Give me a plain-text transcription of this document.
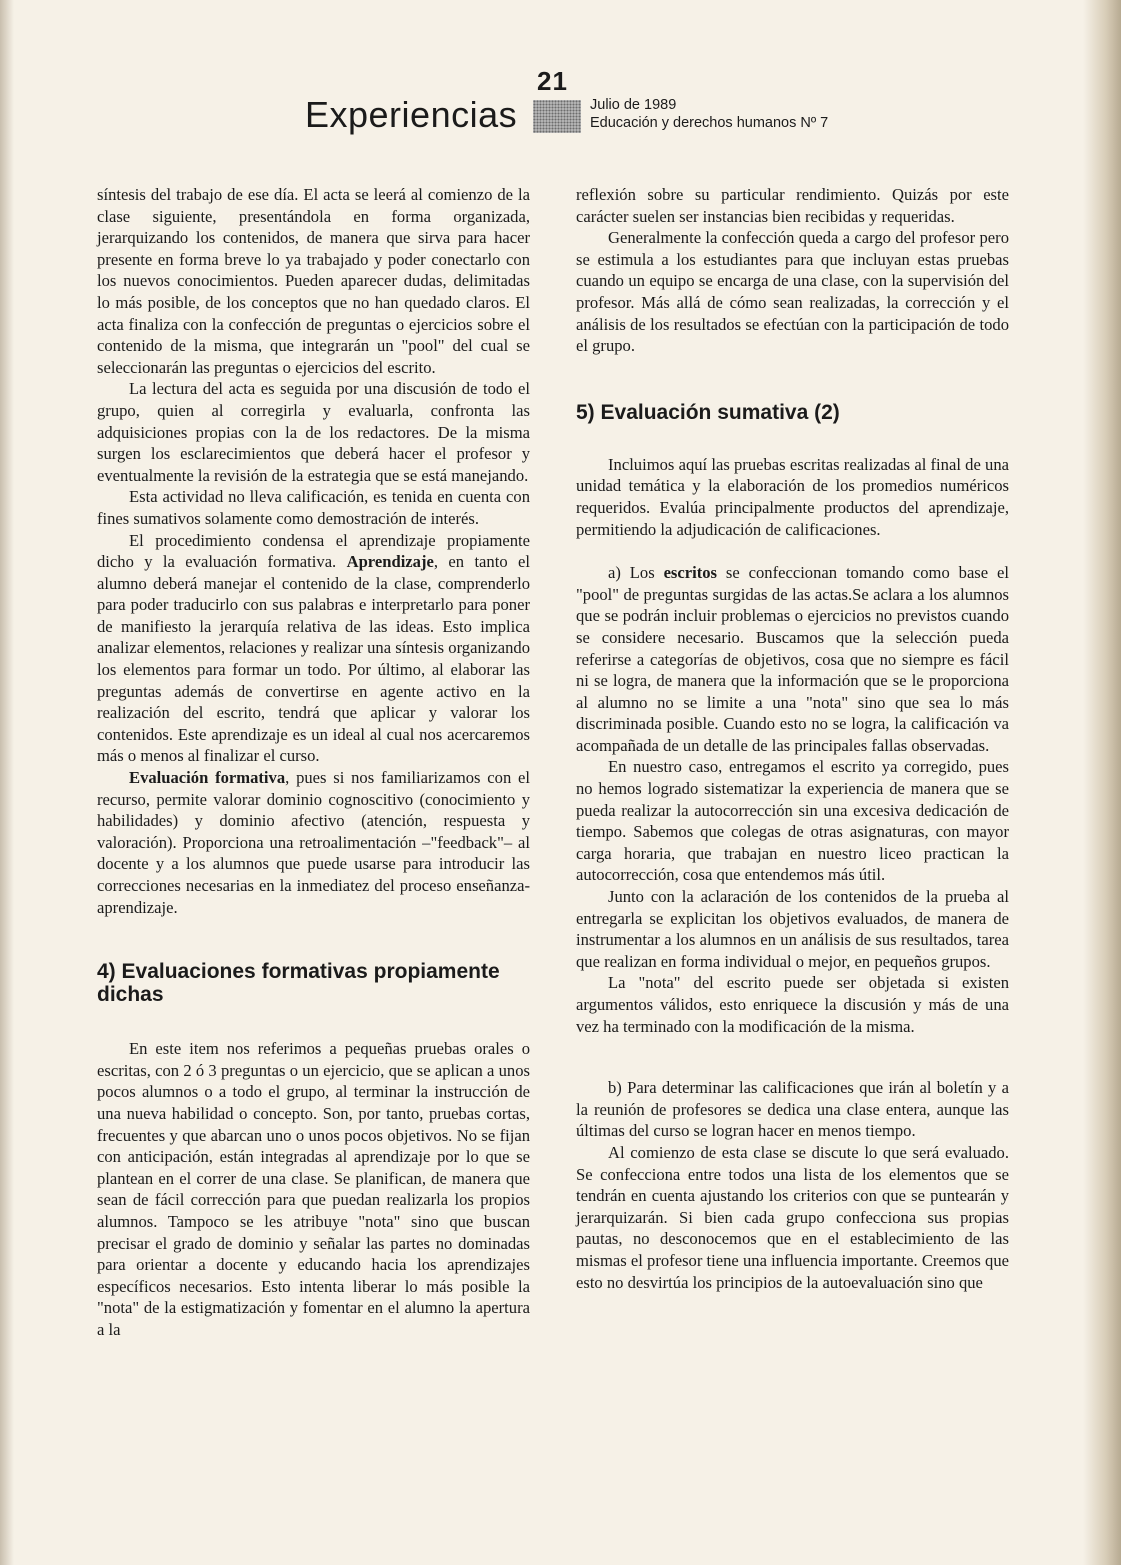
21
Experiencias	Julio de 1989
Educación y derechos humanos Nº 7

síntesis del trabajo de ese día. El acta se leerá al comienzo de la clase siguiente, presentándola en forma organizada, jerarquizando los contenidos, de manera que sirva para hacer presente en forma breve lo ya trabajado y poder conectarlo con los nuevos conocimientos. Pueden aparecer dudas, delimitadas lo más posible, de los conceptos que no han quedado claros. El acta finaliza con la confección de preguntas o ejercicios sobre el contenido de la misma, que integrarán un "pool" del cual se seleccionarán las preguntas o ejercicios del escrito.

La lectura del acta es seguida por una discusión de todo el grupo, quien al corregirla y evaluarla, confronta las adquisiciones propias con la de los redactores. De la misma surgen los esclarecimientos que deberá hacer el profesor y eventualmente la revisión de la estrategia que se está manejando.

Esta actividad no lleva calificación, es tenida en cuenta con fines sumativos solamente como demostración de interés.

El procedimiento condensa el aprendizaje propiamente dicho y la evaluación formativa. Aprendizaje, en tanto el alumno deberá manejar el contenido de la clase, comprenderlo para poder traducirlo con sus palabras e interpretarlo para poner de manifiesto la jerarquía relativa de las ideas. Esto implica analizar elementos, relaciones y realizar una síntesis organizando los elementos para formar un todo. Por último, al elaborar las preguntas además de convertirse en agente activo en la realización del escrito, tendrá que aplicar y valorar los contenidos. Este aprendizaje es un ideal al cual nos acercaremos más o menos al finalizar el curso.

Evaluación formativa, pues si nos familiarizamos con el recurso, permite valorar dominio cognoscitivo (conocimiento y habilidades) y dominio afectivo (atención, respuesta y valoración). Proporciona una retroalimentación –"feedback"– al docente y a los alumnos que puede usarse para introducir las correcciones necesarias en la inmediatez del proceso enseñanza-aprendizaje.

4) Evaluaciones formativas propiamente dichas

En este item nos referimos a pequeñas pruebas orales o escritas, con 2 ó 3 preguntas o un ejercicio, que se aplican a unos pocos alumnos o a todo el grupo, al terminar la instrucción de una nueva habilidad o concepto. Son, por tanto, pruebas cortas, frecuentes y que abarcan uno o unos pocos objetivos. No se fijan con anticipación, están integradas al aprendizaje por lo que se plantean en el correr de una clase. Se planifican, de manera que sean de fácil corrección para que puedan realizarla los propios alumnos. Tampoco se les atribuye "nota" sino que buscan precisar el grado de dominio y señalar las partes no dominadas para orientar a docente y educando hacia los aprendizajes específicos necesarios. Esto intenta liberar lo más posible la "nota" de la estigmatización y fomentar en el alumno la apertura a la

reflexión sobre su particular rendimiento. Quizás por este carácter suelen ser instancias bien recibidas y requeridas.

Generalmente la confección queda a cargo del profesor pero se estimula a los estudiantes para que incluyan estas pruebas cuando un equipo se encarga de una clase, con la supervisión del profesor. Más allá de cómo sean realizadas, la corrección y el análisis de los resultados se efectúan con la participación de todo el grupo.

5) Evaluación sumativa (2)

Incluimos aquí las pruebas escritas realizadas al final de una unidad temática y la elaboración de los promedios numéricos requeridos. Evalúa principalmente productos del aprendizaje, permitiendo la adjudicación de calificaciones.

a) Los escritos se confeccionan tomando como base el "pool" de preguntas surgidas de las actas.Se aclara a los alumnos que se podrán incluir problemas o ejercicios no previstos cuando se considere necesario. Buscamos que la selección pueda referirse a categorías de objetivos, cosa que no siempre es fácil ni se logra, de manera que la información que se le proporciona al alumno no se limite a una "nota" sino que sea lo más discriminada posible. Cuando esto no se logra, la calificación va acompañada de un detalle de las principales fallas observadas.

En nuestro caso, entregamos el escrito ya corregido, pues no hemos logrado sistematizar la experiencia de manera que se pueda realizar la autocorrección sin una excesiva dedicación de tiempo. Sabemos que colegas de otras asignaturas, con mayor carga horaria, que trabajan en nuestro liceo practican la autocorrección, cosa que entendemos más útil.

Junto con la aclaración de los contenidos de la prueba al entregarla se explicitan los objetivos evaluados, de manera de instrumentar a los alumnos en un análisis de sus resultados, tarea que realizan en forma individual o mejor, en pequeños grupos.

La "nota" del escrito puede ser objetada si existen argumentos válidos, esto enriquece la discusión y más de una vez ha terminado con la modificación de la misma.

b) Para determinar las calificaciones que irán al boletín y a la reunión de profesores se dedica una clase entera, aunque las últimas del curso se logran hacer en menos tiempo.

Al comienzo de esta clase se discute lo que será evaluado. Se confecciona entre todos una lista de los elementos que se tendrán en cuenta ajustando los criterios con que se puntearán y jerarquizarán. Si bien cada grupo confecciona sus propias pautas, no desconocemos que en el establecimiento de las mismas el profesor tiene una influencia importante. Creemos que esto no desvirtúa los principios de la autoevaluación sino que
